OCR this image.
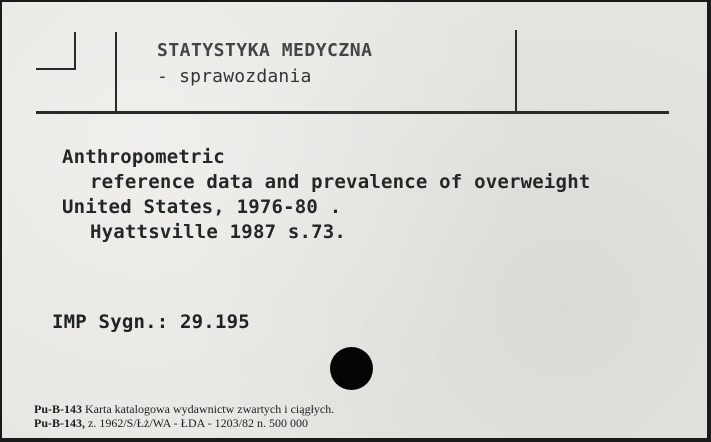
STATYSTYKA MEDYCZNA
- sprawozdania
Anthropometric
reference data and prevalence of overweight
United States, 1976-80 .
Hyattsville 1987 s.73.
IMP Sygn.: 29.195
Pu-B-143 Karta katalogowa wydawnictw zwartych i ciągłych.
Pu-B-143, z. 1962/S/Łż/WA - ŁDA - 1203/82 n. 500 000
